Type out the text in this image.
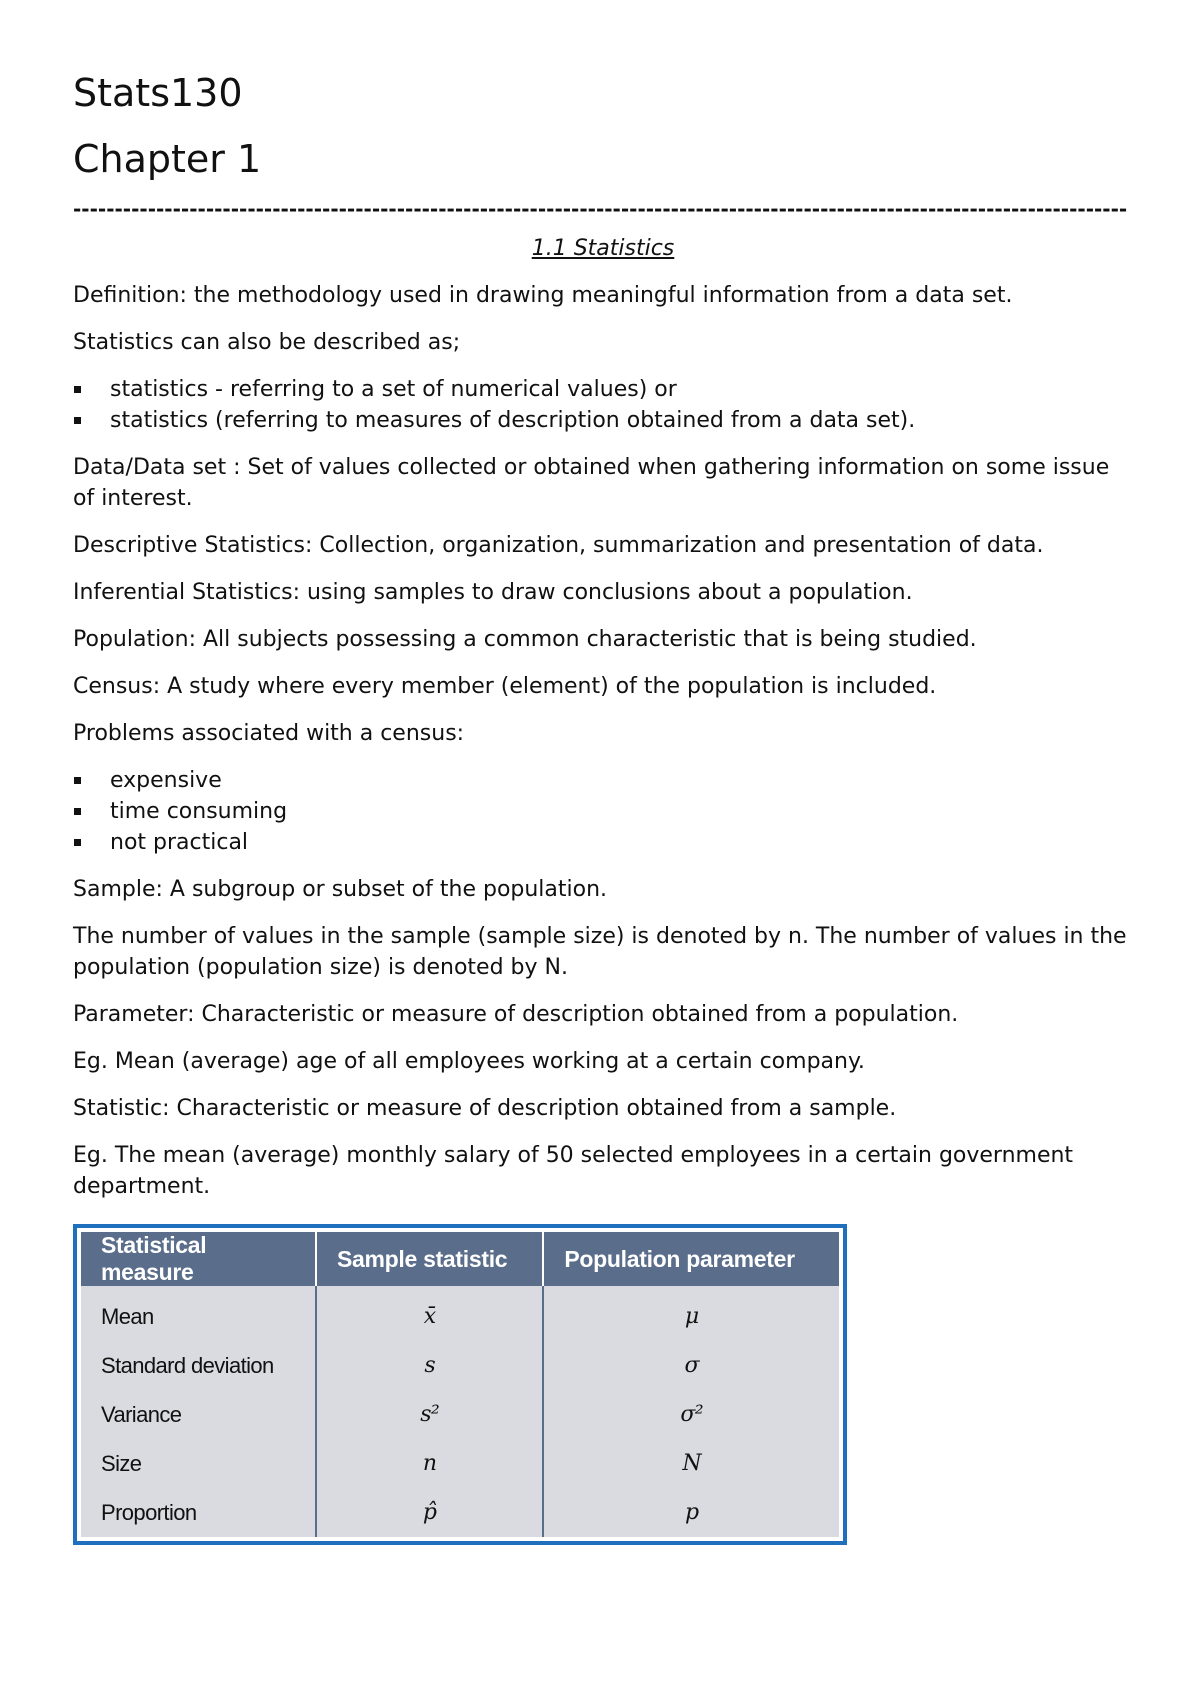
Stats130
Chapter 1
-------------------------------------------------------------------------------------------------------------------------------
1.1 Statistics

Definition: the methodology used in drawing meaningful information from a data set.

Statistics can also be described as;

statistics - referring to a set of numerical values) or
statistics (referring to measures of description obtained from a data set).

Data/Data set : Set of values collected or obtained when gathering information on some issue of interest.

Descriptive Statistics: Collection, organization, summarization and presentation of data.

Inferential Statistics: using samples to draw conclusions about a population.

Population: All subjects possessing a common characteristic that is being studied.

Census: A study where every member (element) of the population is included.

Problems associated with a census:

expensive
time consuming
not practical

Sample: A subgroup or subset of the population.

The number of values in the sample (sample size) is denoted by n. The number of values in the population (population size) is denoted by N.

Parameter: Characteristic or measure of description obtained from a population.

Eg. Mean (average) age of all employees working at a certain company.

Statistic: Characteristic or measure of description obtained from a sample.

Eg. The mean (average) monthly salary of 50 selected employees in a certain government department.

Statistical measure	Sample statistic	Population parameter
Mean	x̄	μ
Standard deviation	s	σ
Variance	s²	σ²
Size	n	N
Proportion	p̂	p
